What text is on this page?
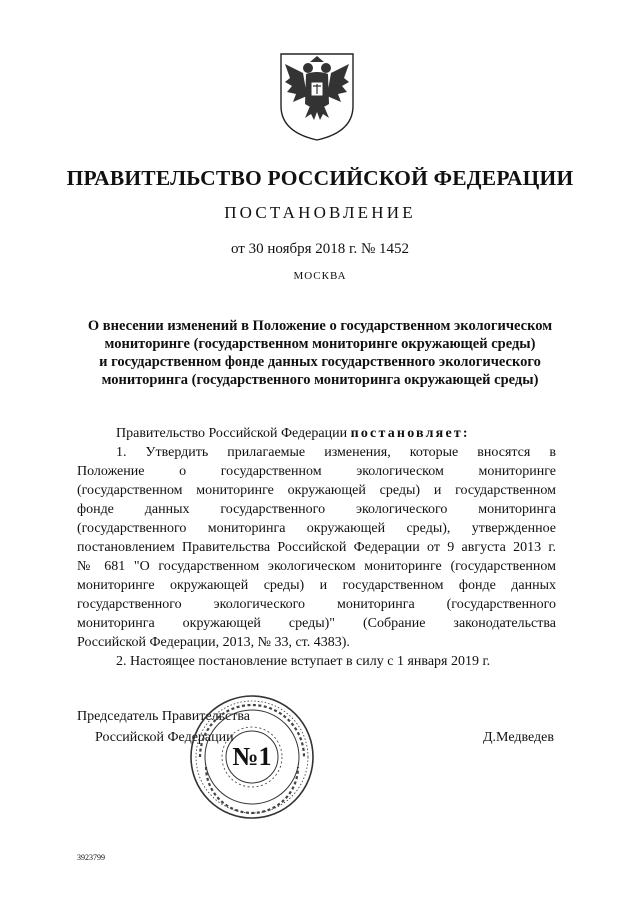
ПРАВИТЕЛЬСТВО РОССИЙСКОЙ ФЕДЕРАЦИИ
ПОСТАНОВЛЕНИЕ
от 30 ноября 2018 г. № 1452
МОСКВА
О внесении изменений в Положение о государственном экологическом
мониторинге (государственном мониторинге окружающей среды)
и государственном фонде данных государственного экологического
мониторинга (государственного мониторинга окружающей среды)

Правительство Российской Федерации постановляет:

1. Утвердить прилагаемые изменения, которые вносятся в

Положение о государственном экологическом мониторинге

(государственном мониторинге окружающей среды) и государственном

фонде данных государственного экологического мониторинга

(государственного мониторинга окружающей среды), утвержденное

постановлением Правительства Российской Федерации от 9 августа 2013 г.

№ 681 "О государственном экологическом мониторинге (государственном

мониторинге окружающей среды) и государственном фонде данных

государственного экологического мониторинга (государственного

мониторинга окружающей среды)" (Собрание законодательства

Российской Федерации, 2013, № 33, ст. 4383).

2. Настоящее постановление вступает в силу с 1 января 2019 г.

Председатель Правительства
Российской Федерации	Д.Медведев
№1
3923799
